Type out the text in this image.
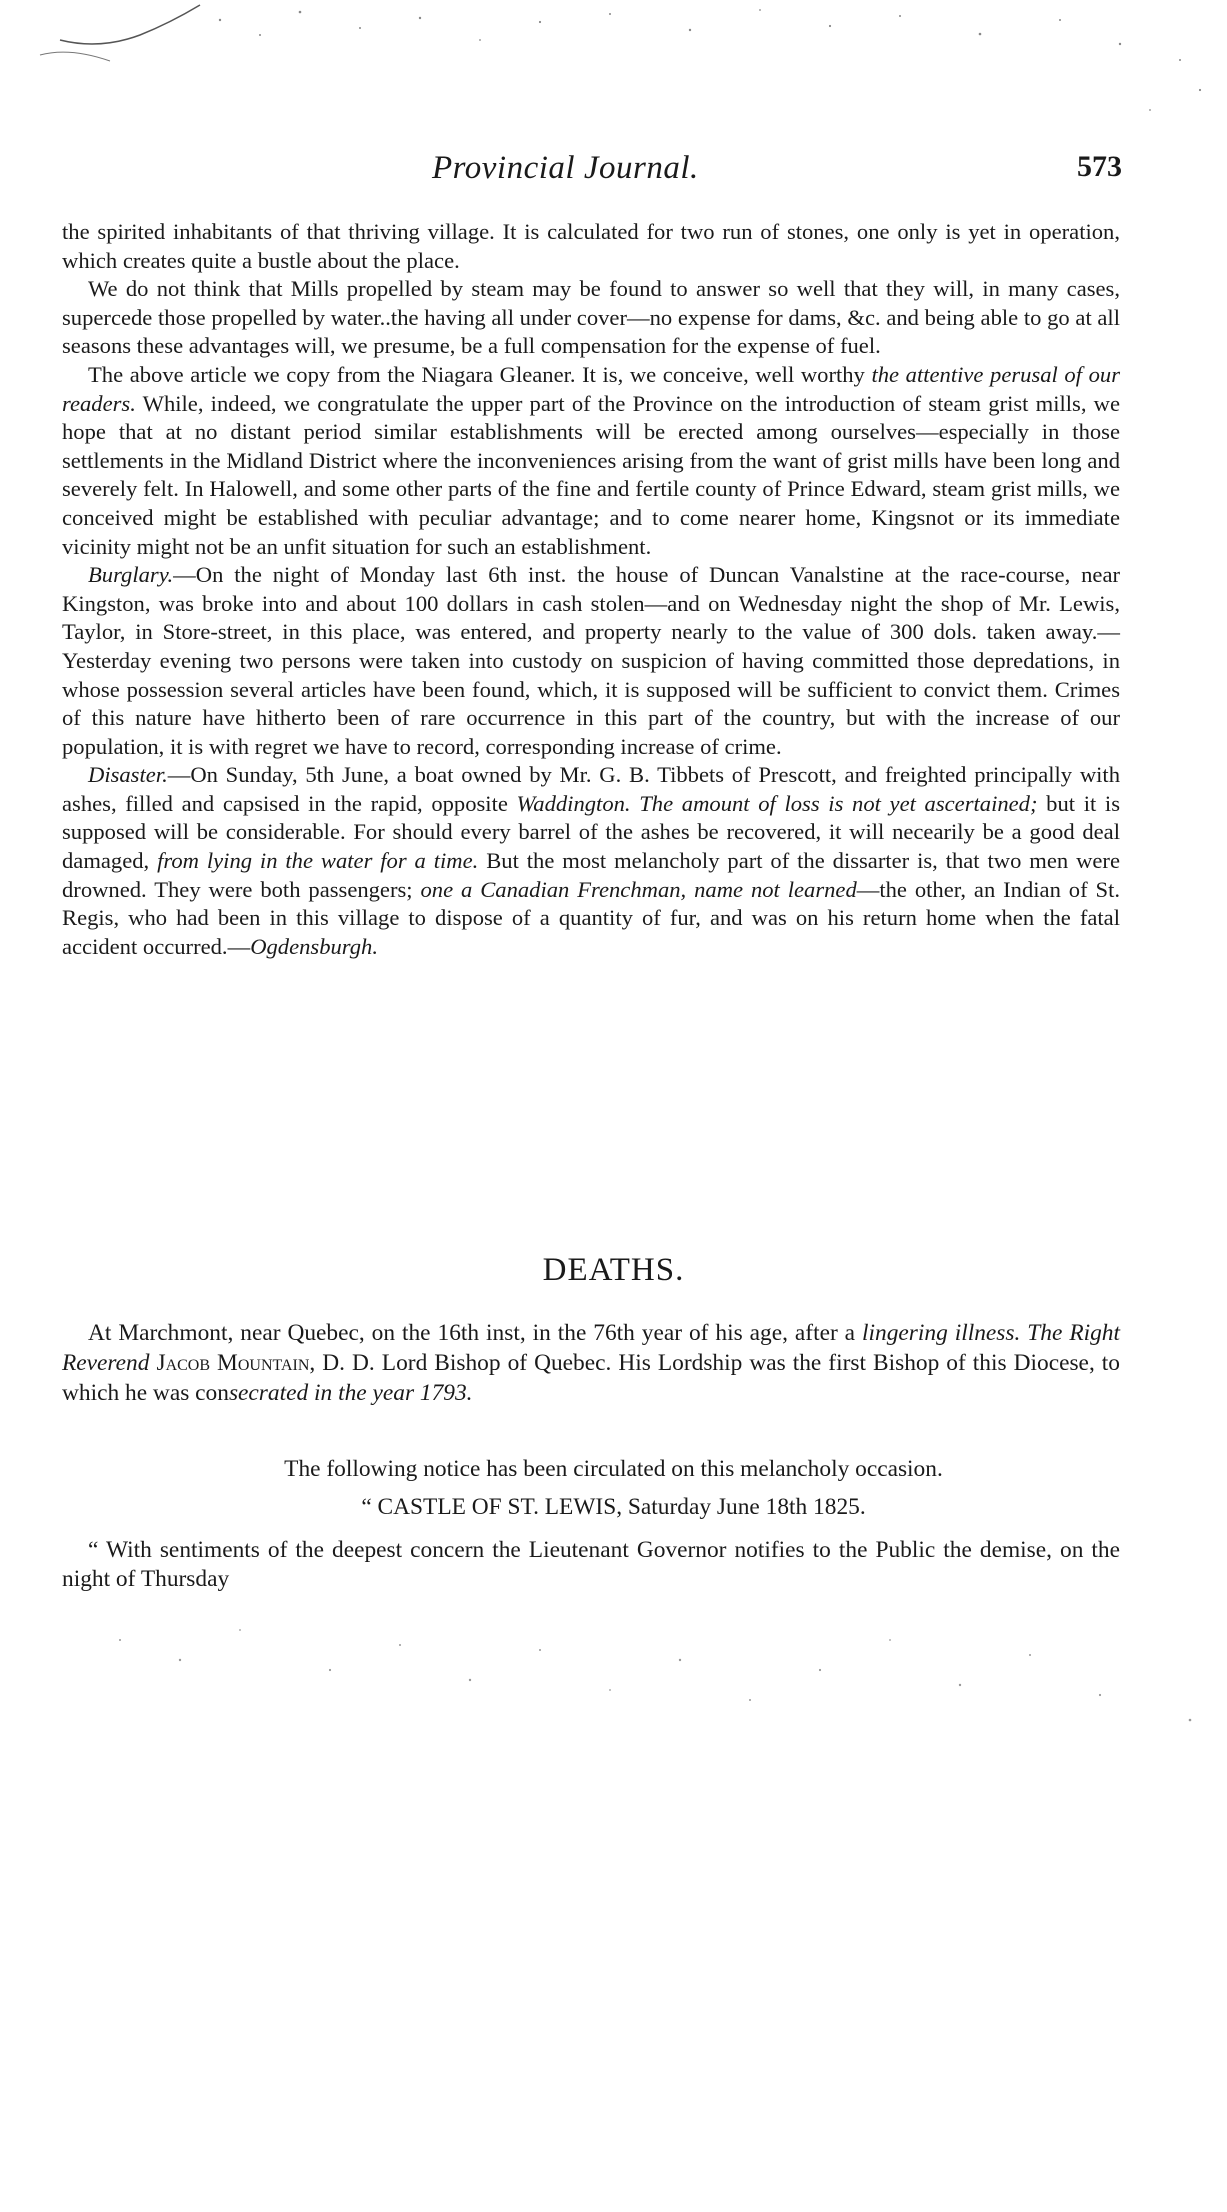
Provincial Journal.	573

the spirited inhabitants of that thriving village. It is calculated for two run of stones, one only is yet in operation, which creates quite a bustle about the place.

We do not think that Mills propelled by steam may be found to answer so well that they will, in many cases, supercede those propelled by water..the having all under cover—no expense for dams, &c. and being able to go at all seasons these advantages will, we presume, be a full compensation for the expense of fuel.

The above article we copy from the Niagara Gleaner. It is, we conceive, well worthy the attentive perusal of our readers. While, indeed, we congratulate the upper part of the Province on the introduction of steam grist mills, we hope that at no distant period similar establishments will be erected among ourselves—especially in those settlements in the Midland District where the inconveniences arising from the want of grist mills have been long and severely felt. In Halowell, and some other parts of the fine and fertile county of Prince Edward, steam grist mills, we conceived might be established with peculiar advantage; and to come nearer home, Kingsnot or its immediate vicinity might not be an unfit situation for such an establishment.

Burglary.—On the night of Monday last 6th inst. the house of Duncan Vanalstine at the race-course, near Kingston, was broke into and about 100 dollars in cash stolen—and on Wednesday night the shop of Mr. Lewis, Taylor, in Store-street, in this place, was entered, and property nearly to the value of 300 dols. taken away.—Yesterday evening two persons were taken into custody on suspicion of having committed those depredations, in whose possession several articles have been found, which, it is supposed will be sufficient to convict them. Crimes of this nature have hitherto been of rare occurrence in this part of the country, but with the increase of our population, it is with regret we have to record, corresponding increase of crime.

Disaster.—On Sunday, 5th June, a boat owned by Mr. G. B. Tibbets of Prescott, and freighted principally with ashes, filled and capsised in the rapid, opposite Waddington. The amount of loss is not yet ascertained; but it is supposed will be considerable. For should every barrel of the ashes be recovered, it will necearily be a good deal damaged, from lying in the water for a time. But the most melancholy part of the dissarter is, that two men were drowned. They were both passengers; one a Canadian Frenchman, name not learned—the other, an Indian of St. Regis, who had been in this village to dispose of a quantity of fur, and was on his return home when the fatal accident occurred.—Ogdensburgh.

DEATHS.

At Marchmont, near Quebec, on the 16th inst, in the 76th year of his age, after a lingering illness. The Right Reverend Jacob Mountain, D. D. Lord Bishop of Quebec. His Lordship was the first Bishop of this Diocese, to which he was consecrated in the year 1793.

The following notice has been circulated on this melancholy occasion.
“ CASTLE OF ST. LEWIS, Saturday June 18th 1825.

“ With sentiments of the deepest concern the Lieutenant Governor notifies to the Public the demise, on the night of Thursday
